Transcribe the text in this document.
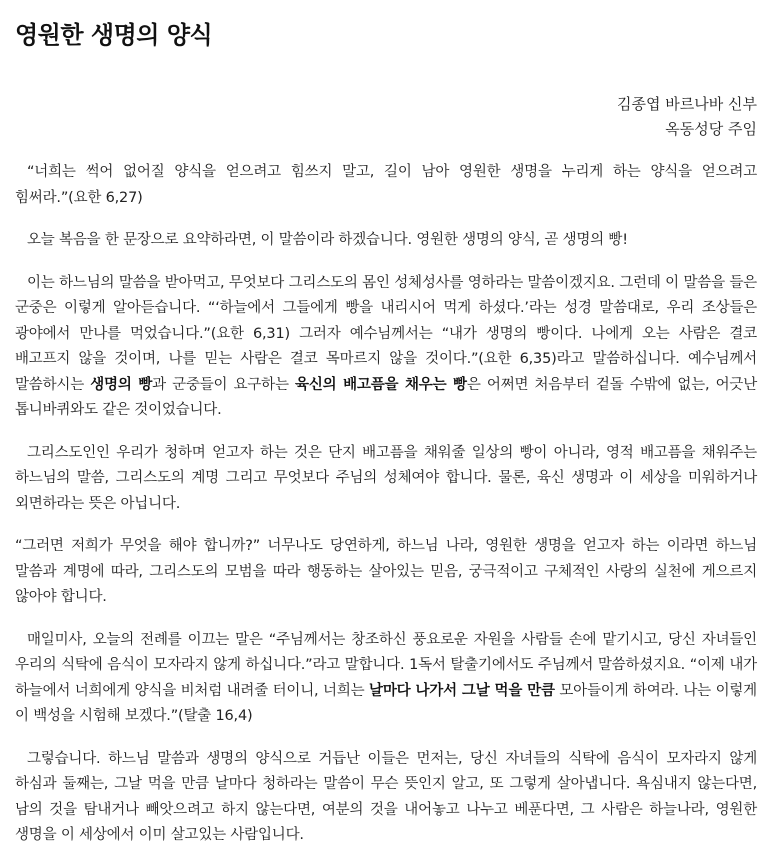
영원한 생명의 양식
김종엽 바르나바 신부
옥동성당 주임

“너희는 썩어 없어질 양식을 얻으려고 힘쓰지 말고, 길이 남아 영원한 생명을 누리게 하는 양식을 얻으려고 힘써라.”(요한 6,27)

오늘 복음을 한 문장으로 요약하라면, 이 말씀이라 하겠습니다. 영원한 생명의 양식, 곧 생명의 빵!

이는 하느님의 말씀을 받아먹고, 무엇보다 그리스도의 몸인 성체성사를 영하라는 말씀이겠지요. 그런데 이 말씀을 들은 군중은 이렇게 알아듣습니다. “‘하늘에서 그들에게 빵을 내리시어 먹게 하셨다.’라는 성경 말씀대로, 우리 조상들은 광야에서 만나를 먹었습니다.”(요한 6,31) 그러자 예수님께서는 “내가 생명의 빵이다. 나에게 오는 사람은 결코 배고프지 않을 것이며, 나를 믿는 사람은 결코 목마르지 않을 것이다.”(요한 6,35)라고 말씀하십니다. 예수님께서 말씀하시는 생명의 빵과 군중들이 요구하는 육신의 배고픔을 채우는 빵은 어쩌면 처음부터 겉돌 수밖에 없는, 어긋난 톱니바퀴와도 같은 것이었습니다.

그리스도인인 우리가 청하며 얻고자 하는 것은 단지 배고픔을 채워줄 일상의 빵이 아니라, 영적 배고픔을 채워주는 하느님의 말씀, 그리스도의 계명 그리고 무엇보다 주님의 성체여야 합니다. 물론, 육신 생명과 이 세상을 미워하거나 외면하라는 뜻은 아닙니다.

“그러면 저희가 무엇을 해야 합니까?” 너무나도 당연하게, 하느님 나라, 영원한 생명을 얻고자 하는 이라면 하느님 말씀과 계명에 따라, 그리스도의 모범을 따라 행동하는 살아있는 믿음, 궁극적이고 구체적인 사랑의 실천에 게으르지 않아야 합니다.

매일미사, 오늘의 전례를 이끄는 말은 “주님께서는 창조하신 풍요로운 자원을 사람들 손에 맡기시고, 당신 자녀들인 우리의 식탁에 음식이 모자라지 않게 하십니다.”라고 말합니다. 1독서 탈출기에서도 주님께서 말씀하셨지요. “이제 내가 하늘에서 너희에게 양식을 비처럼 내려줄 터이니, 너희는 날마다 나가서 그날 먹을 만큼 모아들이게 하여라. 나는 이렇게 이 백성을 시험해 보겠다.”(탈출 16,4)

그렇습니다. 하느님 말씀과 생명의 양식으로 거듭난 이들은 먼저는, 당신 자녀들의 식탁에 음식이 모자라지 않게 하심과 둘째는, 그날 먹을 만큼 날마다 청하라는 말씀이 무슨 뜻인지 알고, 또 그렇게 살아냅니다. 욕심내지 않는다면, 남의 것을 탐내거나 빼앗으려고 하지 않는다면, 여분의 것을 내어놓고 나누고 베푼다면, 그 사람은 하늘나라, 영원한 생명을 이 세상에서 이미 살고있는 사람입니다.
